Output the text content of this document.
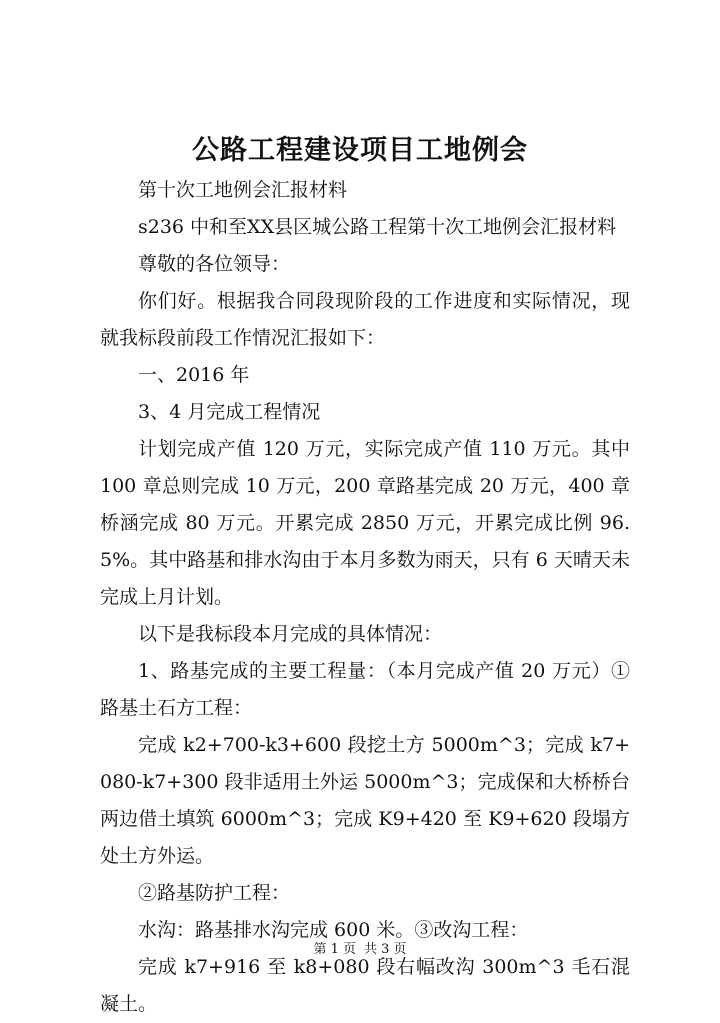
公路工程建设项目工地例会

第十次工地例会汇报材料

s236 中和至XX县区城公路工程第十次工地例会汇报材料

尊敬的各位领导：

你们好。根据我合同段现阶段的工作进度和实际情况，现就我标段前段工作情况汇报如下：

一、2016 年

3、4 月完成工程情况

计划完成产值 120 万元，实际完成产值 110 万元。其中 100 章总则完成 10 万元，200 章路基完成 20 万元，400 章桥涵完成 80 万元。开累完成 2850 万元，开累完成比例 96.5%。其中路基和排水沟由于本月多数为雨天，只有 6 天晴天未完成上月计划。

以下是我标段本月完成的具体情况：

1、路基完成的主要工程量：（本月完成产值 20 万元）①路基土石方工程：

完成 k2+700-k3+600 段挖土方 5000m^3；完成 k7+080-k7+300 段非适用土外运 5000m^3；完成保和大桥桥台两边借土填筑 6000m^3；完成 K9+420 至 K9+620 段塌方处土方外运。

②路基防护工程：

水沟：路基排水沟完成 600 米。③改沟工程：

完成 k7+916 至 k8+080 段右幅改沟 300m^3 毛石混凝土。

第 1 页 共 3 页
